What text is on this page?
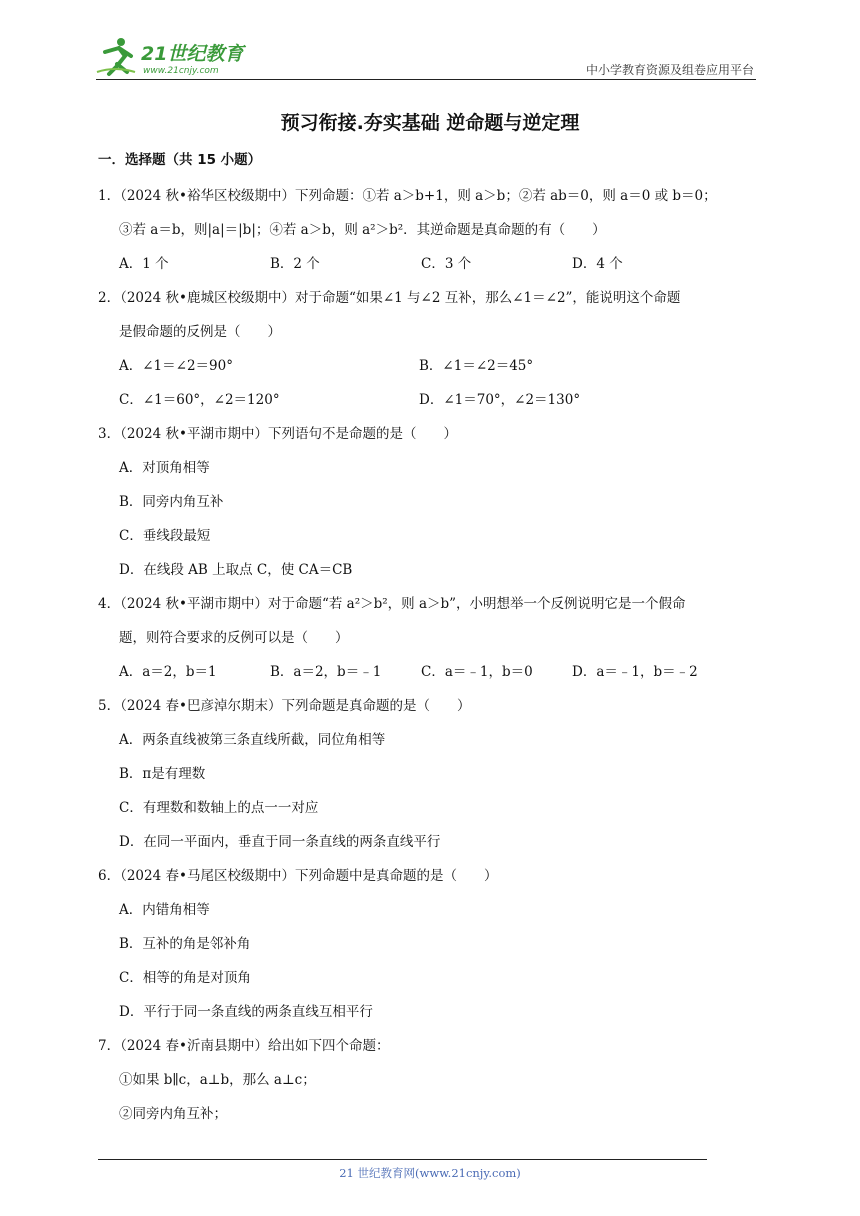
21世纪教育
www.21cnjy.com	中小学教育资源及组卷应用平台
预习衔接.夯实基础 逆命题与逆定理
一．选择题（共 15 小题）
1．（2024 秋•裕华区校级期中）下列命题：①若 a＞b+1，则 a＞b；②若 ab＝0，则 a＝0 或 b＝0；
③若 a＝b，则|a|＝|b|；④若 a＞b，则 a²＞b²．其逆命题是真命题的有（　　）
A．1 个	B．2 个	C．3 个	D．4 个
2．（2024 秋•鹿城区校级期中）对于命题“如果∠1 与∠2 互补，那么∠1＝∠2”，能说明这个命题
是假命题的反例是（　　）
A．∠1＝∠2＝90°	B．∠1＝∠2＝45°
C．∠1＝60°，∠2＝120°	D．∠1＝70°，∠2＝130°
3．（2024 秋•平湖市期中）下列语句不是命题的是（　　）
A．对顶角相等
B．同旁内角互补
C．垂线段最短
D．在线段 AB 上取点 C，使 CA＝CB
4．（2024 秋•平湖市期中）对于命题“若 a²＞b²，则 a＞b”，小明想举一个反例说明它是一个假命
题，则符合要求的反例可以是（　　）
A．a＝2，b＝1	B．a＝2，b＝﹣1	C．a＝﹣1，b＝0	D．a＝﹣1，b＝﹣2
5．（2024 春•巴彦淖尔期末）下列命题是真命题的是（　　）
A．两条直线被第三条直线所截，同位角相等
B．π是有理数
C．有理数和数轴上的点一一对应
D．在同一平面内，垂直于同一条直线的两条直线平行
6．（2024 春•马尾区校级期中）下列命题中是真命题的是（　　）
A．内错角相等
B．互补的角是邻补角
C．相等的角是对顶角
D．平行于同一条直线的两条直线互相平行
7．（2024 春•沂南县期中）给出如下四个命题：
①如果 b∥c，a⊥b，那么 a⊥c；
②同旁内角互补；
21 世纪教育网(www.21cnjy.com)
